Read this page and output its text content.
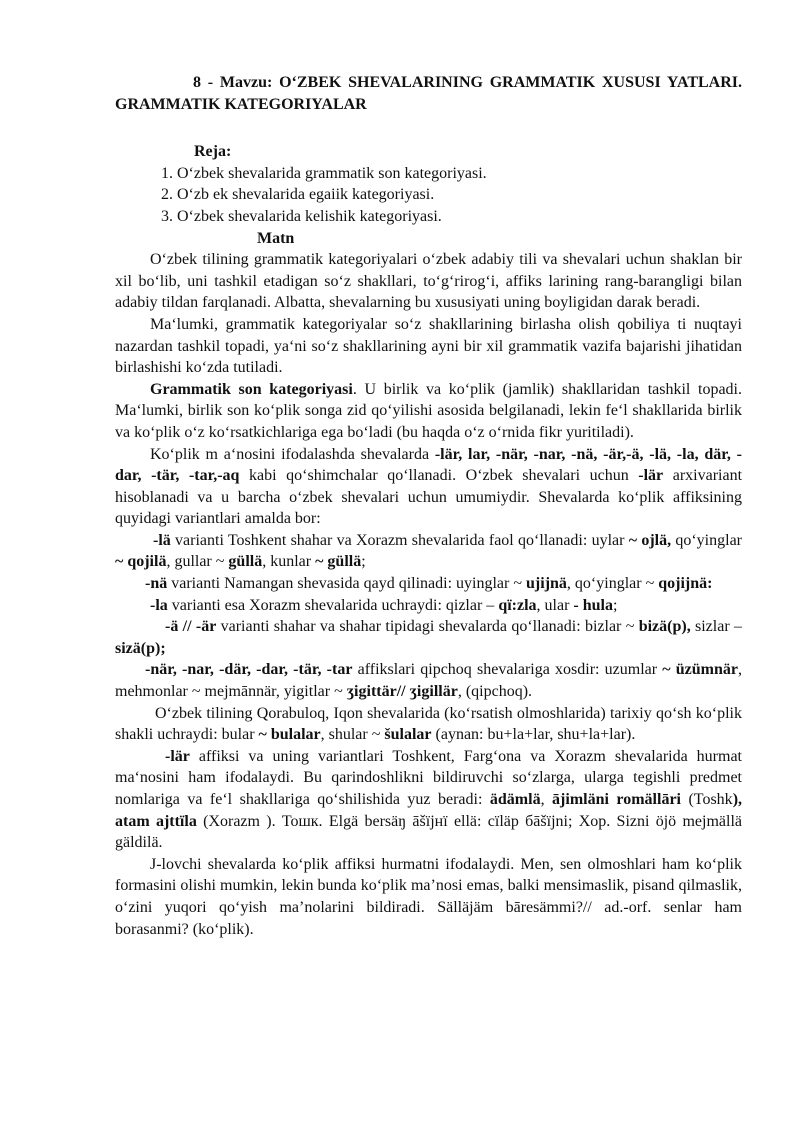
8 - Mavzu: O‘ZBEK SHEVALARINING GRAMMATIK XUSUSI YATLARI. GRAMMATIK KATEGORIYALAR
Reja:
1. O‘zbek shevalarida grammatik son kategoriyasi.
2. O‘zb ek shevalarida egaiik kategoriyasi.
3. O‘zbek shevalarida kelishik kategoriyasi.
Matn

O‘zbek tilining grammatik kategoriyalari o‘zbek adabiy tili va shevalari uchun shaklan bir xil bo‘lib, uni tashkil etadigan so‘z shakllari, to‘g‘rirog‘i, affiks larining rang-barangligi bilan adabiy tildan farqlanadi. Albatta, shevalarning bu xususiyati uning boyligidan darak beradi.

Ma‘lumki, grammatik kategoriyalar so‘z shakllarining birlasha olish qobiliya ti nuqtayi nazardan tashkil topadi, ya‘ni so‘z shakllarining ayni bir xil grammatik vazifa bajarishi jihatidan birlashishi ko‘zda tutiladi.

Grammatik son kategoriyasi. U birlik va ko‘plik (jamlik) shakllaridan tashkil topadi. Ma‘lumki, birlik son ko‘plik songa zid qo‘yilishi asosida belgilanadi, lekin fe‘l shakllarida birlik va ko‘plik o‘z ko‘rsatkichlariga ega bo‘ladi (bu haqda o‘z o‘rnida fikr yuritiladi).

Ko‘plik m a‘nosini ifodalashda shevalarda -lär, lar, -när, -nar, -nä, -är,-ä, -lä, -la, där, -dar, -tär, -tar,-aq kabi qo‘shimchalar qo‘llanadi. O‘zbek shevalari uchun -lär arxivariant hisoblanadi va u barcha o‘zbek shevalari uchun umumiydir. Shevalarda ko‘plik affiksining quyidagi variantlari amalda bor:

-lä varianti Toshkent shahar va Xorazm shevalarida faol qo‘llanadi: uylar ~ ojlä, qo‘yinglar ~ qojilä, gullar ~ güllä, kunlar ~ güllä;

-nä varianti Namangan shevasida qayd qilinadi: uyinglar ~ ujijnä, qo‘yinglar ~ qojijnä:

-la varianti esa Xorazm shevalarida uchraydi: qizlar – qï:zla, ular - hula;

-ä // -är varianti shahar va shahar tipidagi shevalarda qo‘llanadi: bizlar ~ bizä(p), sizlar – sizä(p);

-när, -nar, -där, -dar, -tär, -tar affikslari qipchoq shevalariga xosdir: uzumlar ~ üzümnär, mehmonlar ~ mejmānnär, yigitlar ~ ӡigittär// ӡigillär, (qipchoq).

O‘zbek tilining Qorabuloq, Iqon shevalarida (ko‘rsatish olmoshlarida) tarixiy qo‘sh ko‘plik shakli uchraydi: bular ~ bulalar, shular ~ šulalar (aynan: bu+la+lar, shu+la+lar).

-lär affiksi va uning variantlari Toshkent, Farg‘ona va Xorazm shevalarida hurmat ma‘nosini ham ifodalaydi. Bu qarindoshlikni bildiruvchi so‘zlarga, ularga tegishli predmet nomlariga va fe‘l shakllariga qo‘shilishida yuz beradi: ädämlä, ājimläni romällāri (Toshk), atam ajttïla (Xorazm ). Тошк. Elgä bersäŋ āšïjнï ellä: cïläp бāšïjni; Xop. Sizni öjö mejmällä gäldilä.

J-lovchi shevalarda ko‘plik affiksi hurmatni ifodalaydi. Men, sen olmoshlari ham ko‘plik formasini olishi mumkin, lekin bunda ko‘plik ma’nosi emas, balki mensimaslik, pisand qilmaslik, o‘zini yuqori qo‘yish ma’nolarini bildiradi. Sälläjäm bāresämmi?// ad.-orf. senlar ham borasanmi? (ko‘plik).
